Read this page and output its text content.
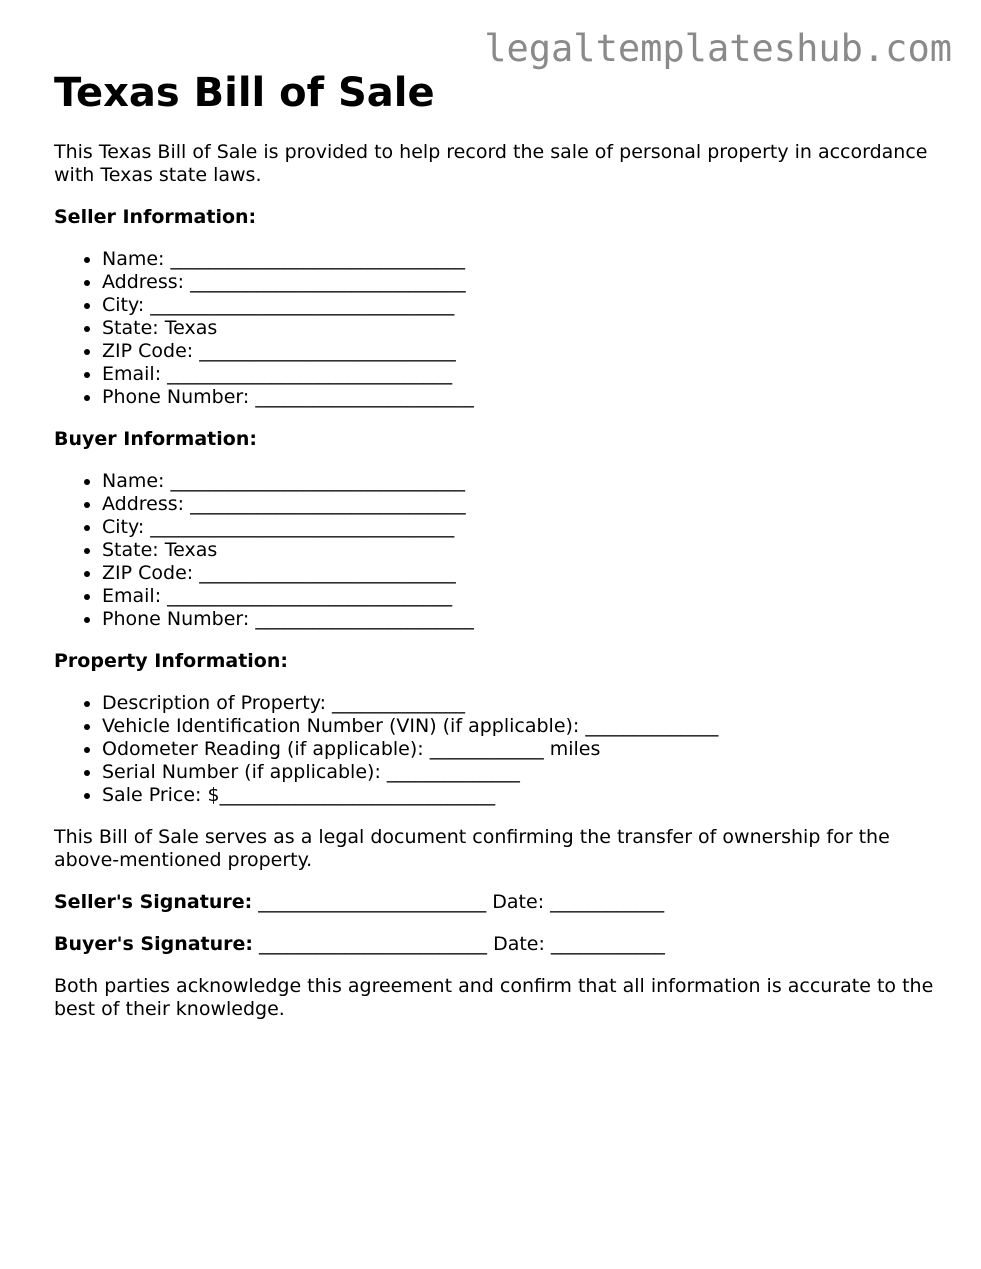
legaltemplateshub.com
Texas Bill of Sale

This Texas Bill of Sale is provided to help record the sale of personal property in accordance with Texas state laws.

Seller Information:
• Name: _______________________________
• Address: _____________________________
• City: ________________________________
• State: Texas
• ZIP Code: ___________________________
• Email: ______________________________
• Phone Number: _______________________
Buyer Information:
• Name: _______________________________
• Address: _____________________________
• City: ________________________________
• State: Texas
• ZIP Code: ___________________________
• Email: ______________________________
• Phone Number: _______________________
Property Information:
• Description of Property: ______________
• Vehicle Identification Number (VIN) (if applicable): ______________
• Odometer Reading (if applicable): ____________ miles
• Serial Number (if applicable): ______________
• Sale Price: $_____________________________

This Bill of Sale serves as a legal document confirming the transfer of ownership for the above-mentioned property.

Seller's Signature: ________________________ Date: ____________
Buyer's Signature: ________________________ Date: ____________

Both parties acknowledge this agreement and confirm that all information is accurate to the best of their knowledge.
